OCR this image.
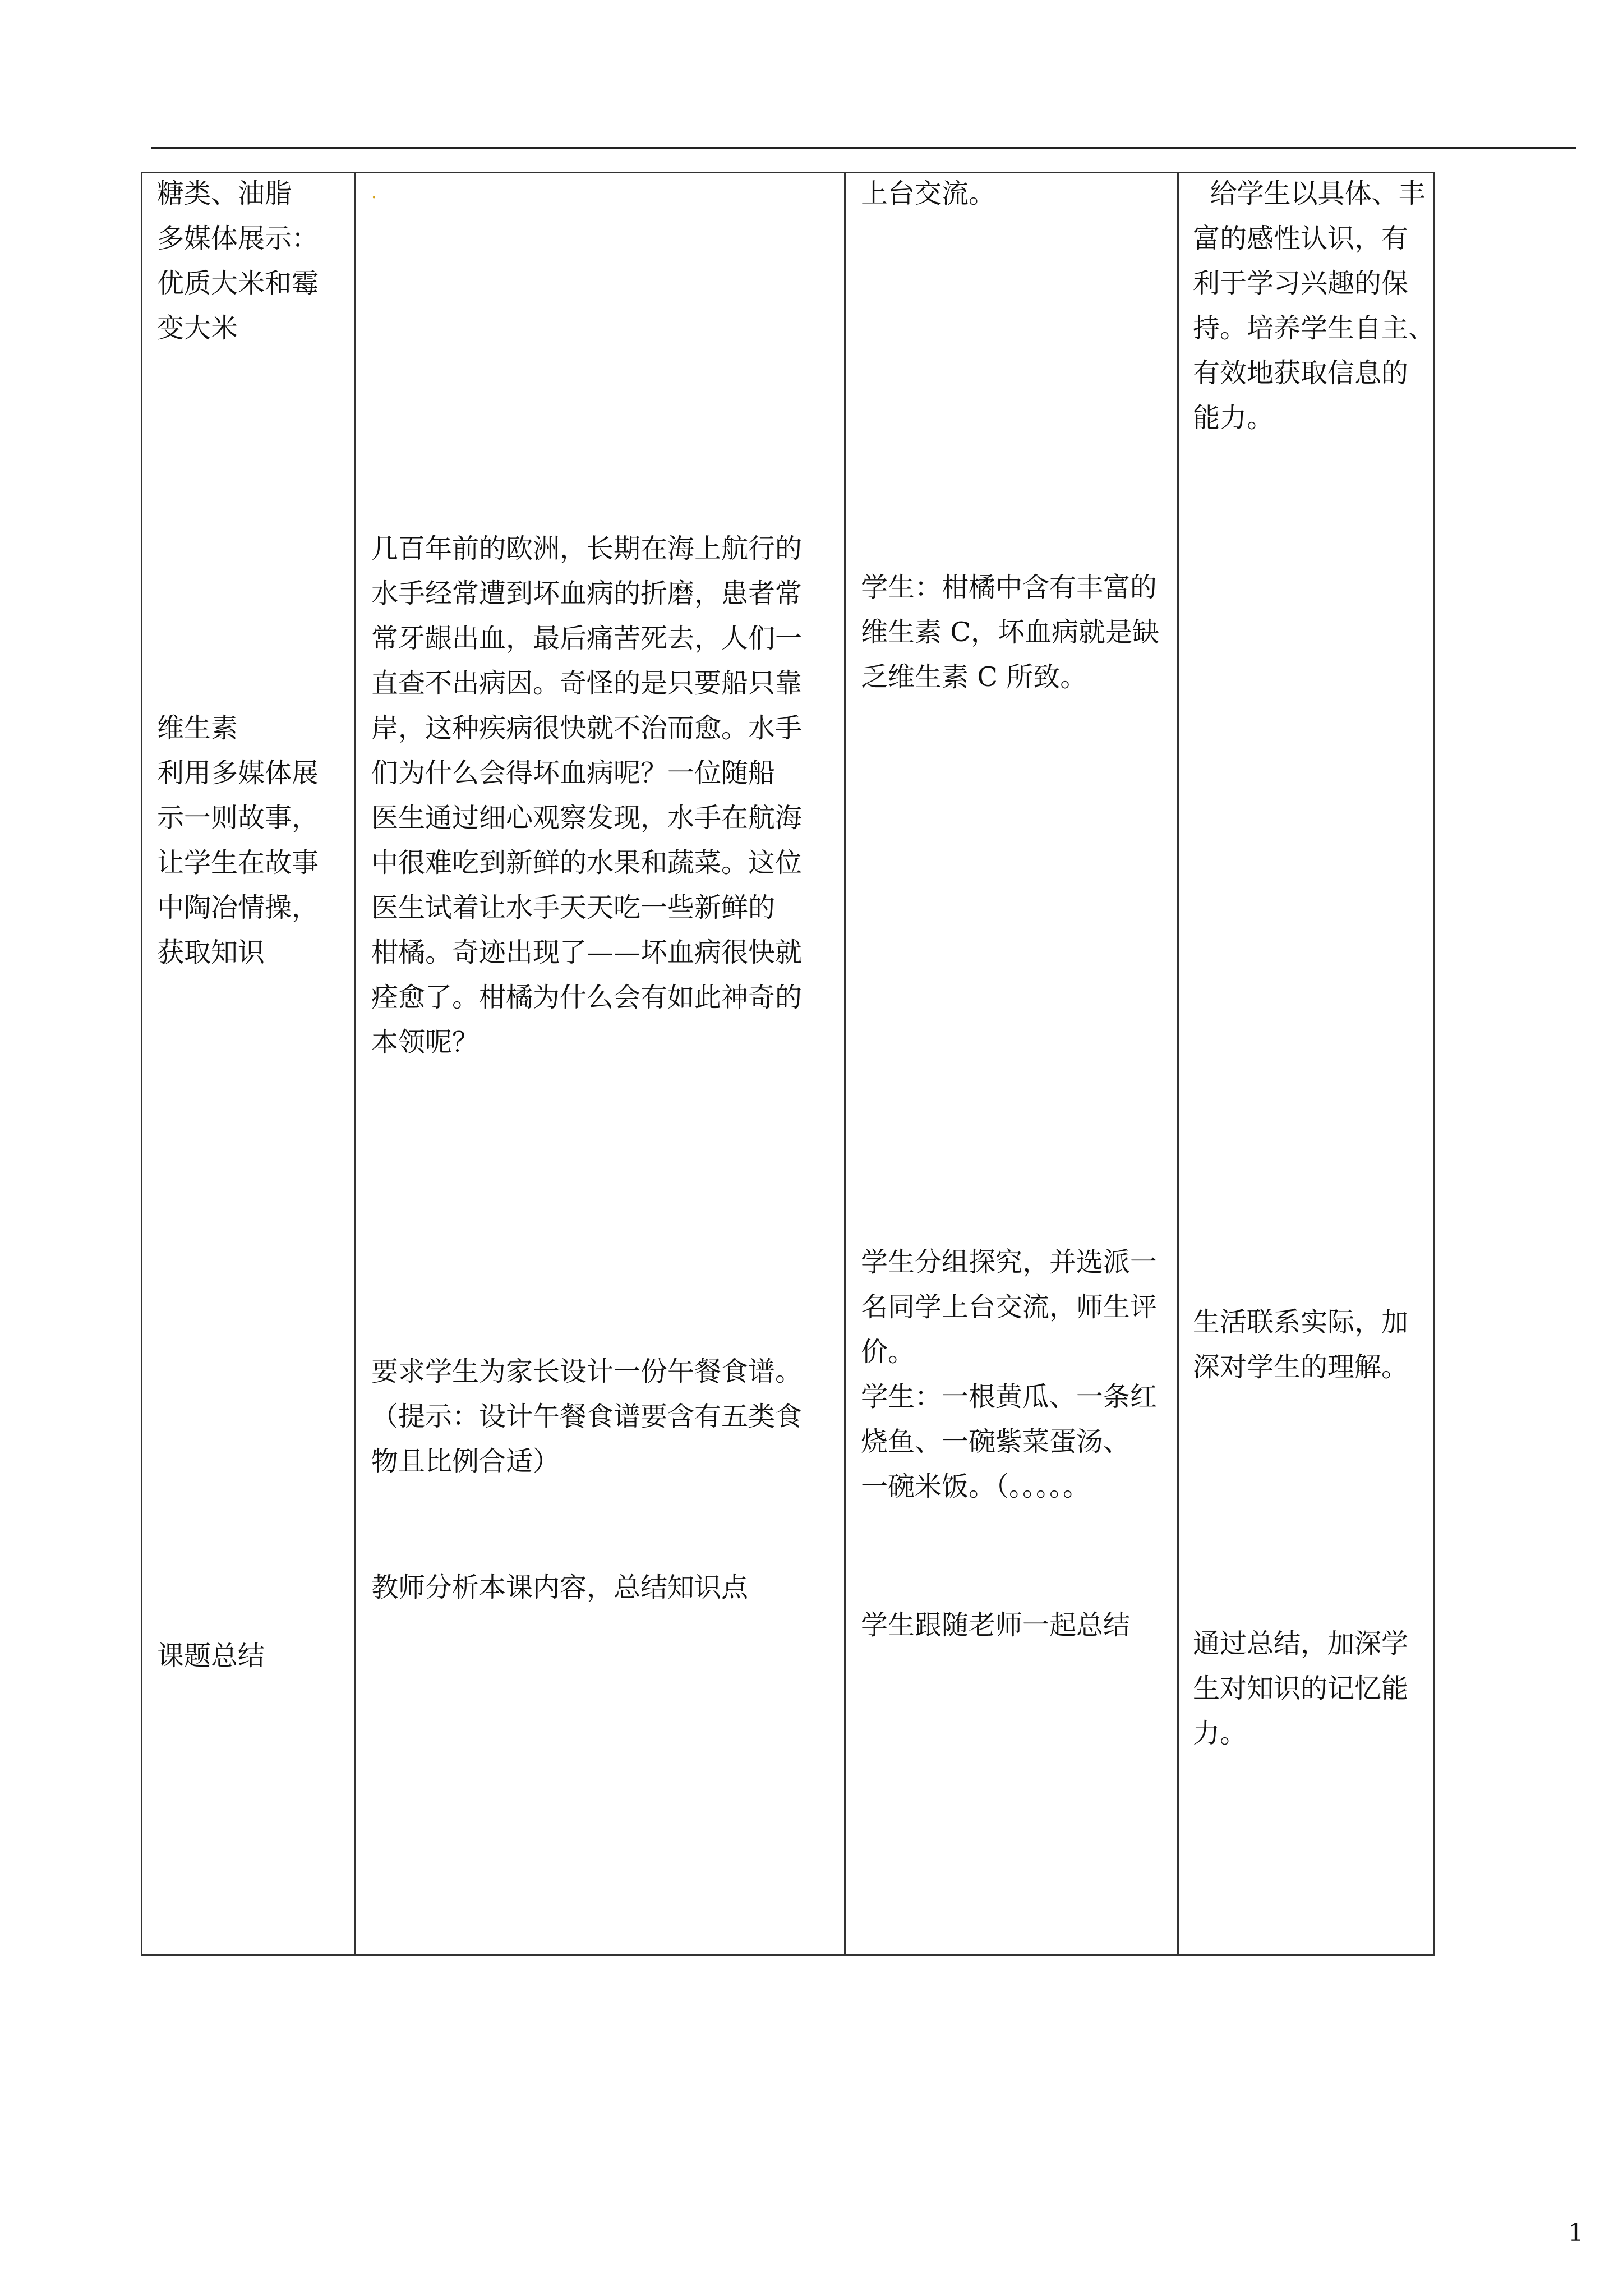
糖类、油脂
多媒体展示：
优质大米和霉
变大米

维生素
利用多媒体展
示一则故事，
让学生在故事
中陶冶情操，
获取知识

课题总结

·

几百年前的欧洲，长期在海上航行的
水手经常遭到坏血病的折磨，患者常
常牙龈出血，最后痛苦死去，人们一
直查不出病因。奇怪的是只要船只靠
岸，这种疾病很快就不治而愈。水手
们为什么会得坏血病呢？一位随船
医生通过细心观察发现，水手在航海
中很难吃到新鲜的水果和蔬菜。这位
医生试着让水手天天吃一些新鲜的
柑橘。奇迹出现了——坏血病很快就
痊愈了。柑橘为什么会有如此神奇的
本领呢？

要求学生为家长设计一份午餐食谱。
（提示：设计午餐食谱要含有五类食
物且比例合适）

教师分析本课内容，总结知识点

上台交流。

学生：柑橘中含有丰富的
维生素 C，坏血病就是缺
乏维生素 C 所致。

学生分组探究，并选派一
名同学上台交流，师生评
价。
学生：一根黄瓜、一条红
烧鱼、一碗紫菜蛋汤、
一碗米饭。（。。。。。

学生跟随老师一起总结

给学生以具体、丰
富的感性认识，有
利于学习兴趣的保
持。培养学生自主、
有效地获取信息的
能力。

生活联系实际，加
深对学生的理解。

通过总结，加深学
生对知识的记忆能
力。

1
